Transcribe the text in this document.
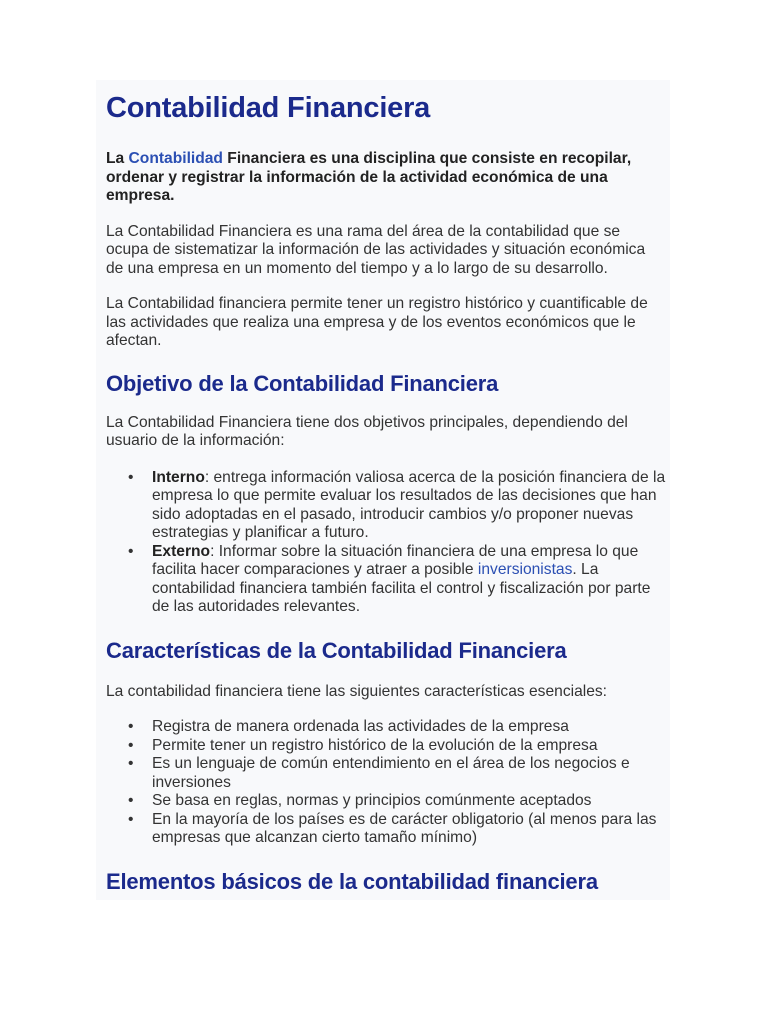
Contabilidad Financiera

La Contabilidad Financiera es una disciplina que consiste en recopilar, ordenar y registrar la información de la actividad económica de una empresa.

La Contabilidad Financiera es una rama del área de la contabilidad que se ocupa de sistematizar la información de las actividades y situación económica de una empresa en un momento del tiempo y a lo largo de su desarrollo.

La Contabilidad financiera permite tener un registro histórico y cuantificable de las actividades que realiza una empresa y de los eventos económicos que le afectan.

Objetivo de la Contabilidad Financiera

La Contabilidad Financiera tiene dos objetivos principales, dependiendo del usuario de la información:

• Interno: entrega información valiosa acerca de la posición financiera de la empresa lo que permite evaluar los resultados de las decisiones que han sido adoptadas en el pasado, introducir cambios y/o proponer nuevas estrategias y planificar a futuro.
• Externo: Informar sobre la situación financiera de una empresa lo que facilita hacer comparaciones y atraer a posible inversionistas. La contabilidad financiera también facilita el control y fiscalización por parte de las autoridades relevantes.
Características de la Contabilidad Financiera

La contabilidad financiera tiene las siguientes características esenciales:

• Registra de manera ordenada las actividades de la empresa
• Permite tener un registro histórico de la evolución de la empresa
• Es un lenguaje de común entendimiento en el área de los negocios e inversiones
• Se basa en reglas, normas y principios comúnmente aceptados
• En la mayoría de los países es de carácter obligatorio (al menos para las empresas que alcanzan cierto tamaño mínimo)
Elementos básicos de la contabilidad financiera
